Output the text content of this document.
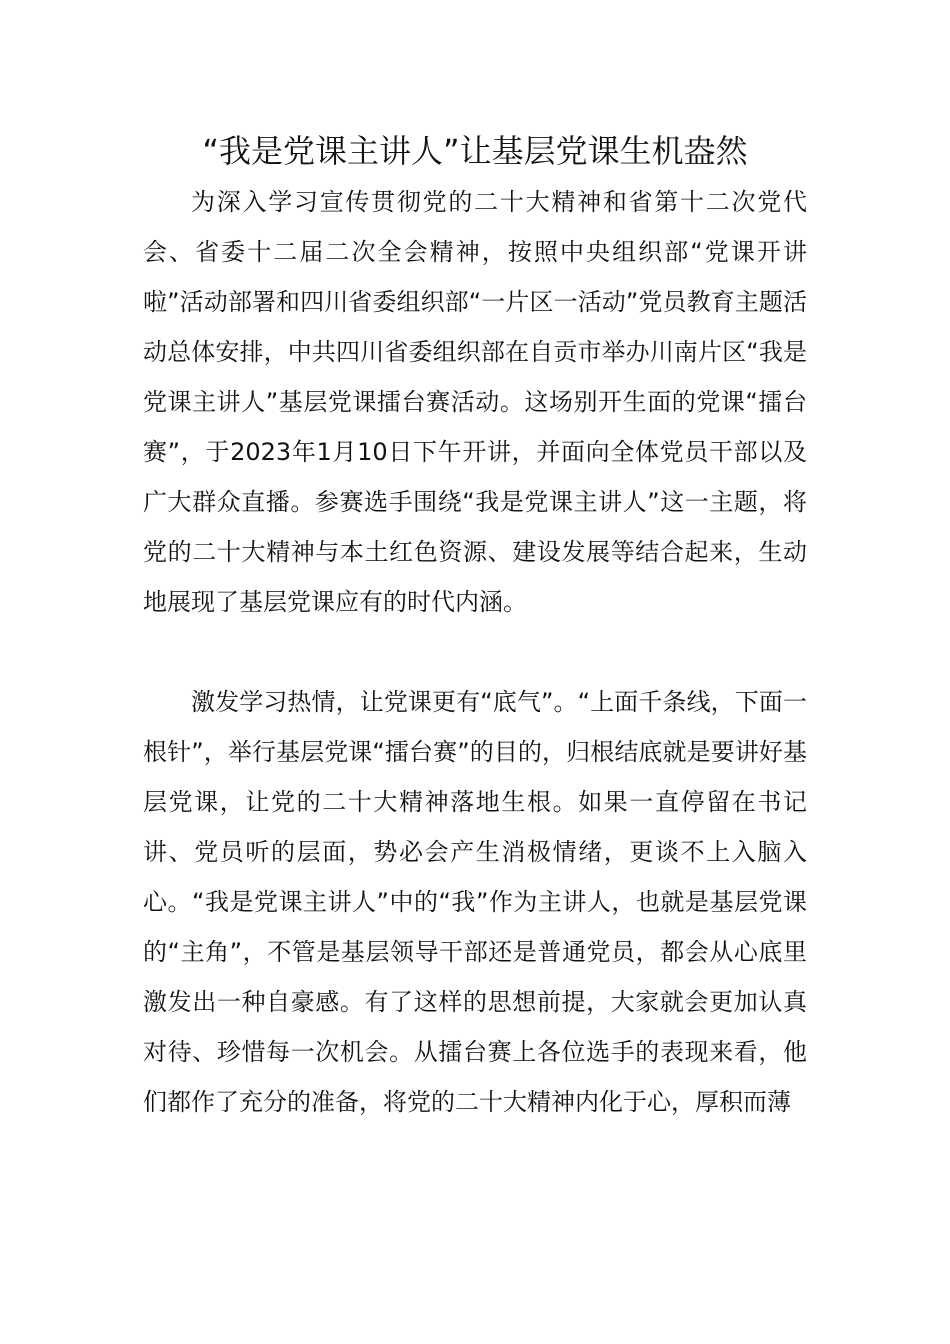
“我是党课主讲人”让基层党课生机盎然

为深入学习宣传贯彻党的二十大精神和省第十二次党代会、省委十二届二次全会精神，按照中央组织部“党课开讲啦”活动部署和四川省委组织部“一片区一活动”党员教育主题活动总体安排，中共四川省委组织部在自贡市举办川南片区“我是党课主讲人”基层党课擂台赛活动。这场别开生面的党课“擂台赛”，于2023年1月10日下午开讲，并面向全体党员干部以及广大群众直播。参赛选手围绕“我是党课主讲人”这一主题，将党的二十大精神与本土红色资源、建设发展等结合起来，生动地展现了基层党课应有的时代内涵。

激发学习热情，让党课更有“底气”。“上面千条线，下面一根针”，举行基层党课“擂台赛”的目的，归根结底就是要讲好基层党课，让党的二十大精神落地生根。如果一直停留在书记讲、党员听的层面，势必会产生消极情绪，更谈不上入脑入心。“我是党课主讲人”中的“我”作为主讲人，也就是基层党课的“主角”，不管是基层领导干部还是普通党员，都会从心底里激发出一种自豪感。有了这样的思想前提，大家就会更加认真对待、珍惜每一次机会。从擂台赛上各位选手的表现来看，他们都作了充分的准备，将党的二十大精神内化于心，厚积而薄
